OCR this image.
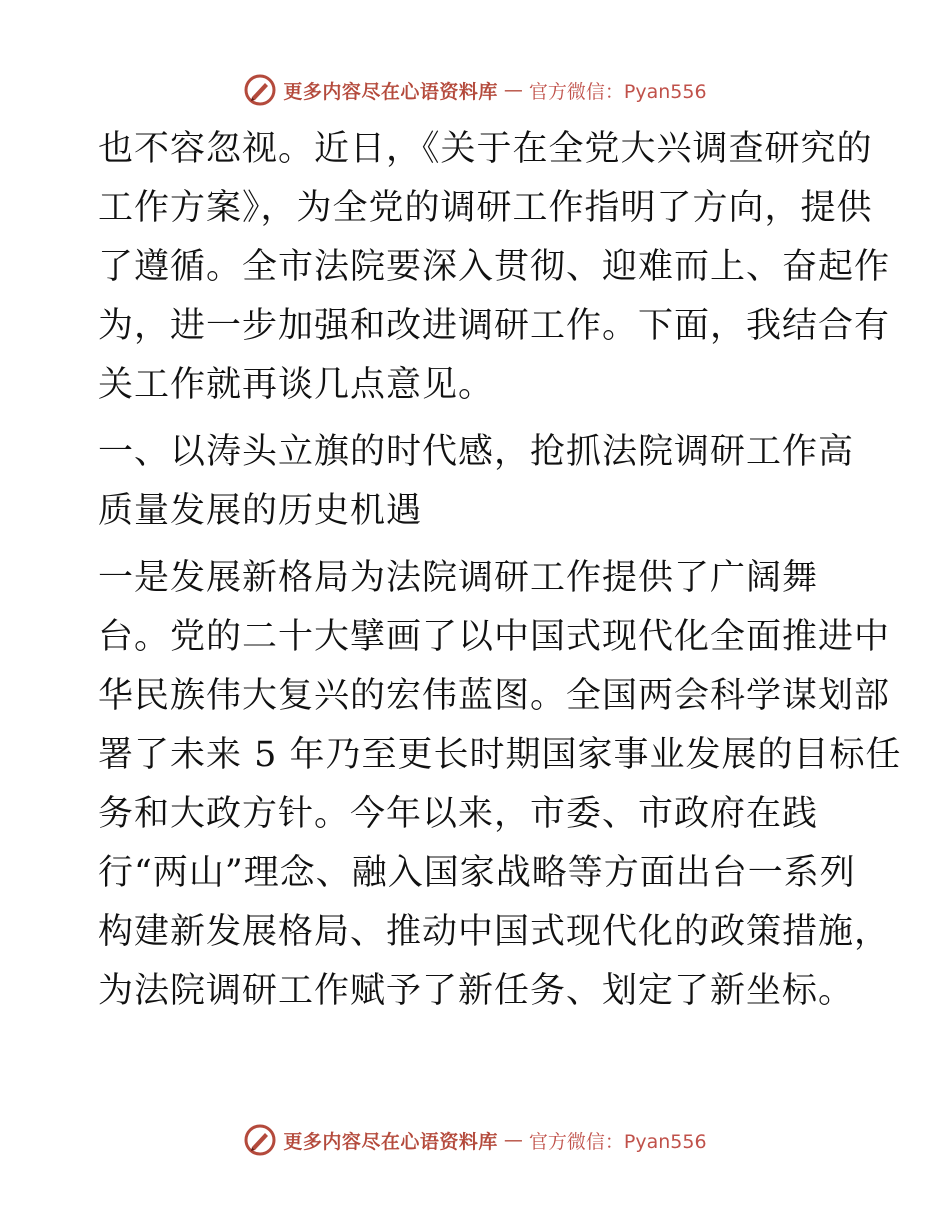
更多内容尽在心语资料库 — 官方微信：Pyan556

也不容忽视。近日，《关于在全党大兴调查研究的
工作方案》，为全党的调研工作指明了方向，提供
了遵循。全市法院要深入贯彻、迎难而上、奋起作
为，进一步加强和改进调研工作。下面，我结合有
关工作就再谈几点意见。

一、以涛头立旗的时代感，抢抓法院调研工作高
质量发展的历史机遇

一是发展新格局为法院调研工作提供了广阔舞
台。党的二十大擘画了以中国式现代化全面推进中
华民族伟大复兴的宏伟蓝图。全国两会科学谋划部
署了未来 5 年乃至更长时期国家事业发展的目标任
务和大政方针。今年以来，市委、市政府在践
行“两山”理念、融入国家战略等方面出台一系列
构建新发展格局、推动中国式现代化的政策措施，
为法院调研工作赋予了新任务、划定了新坐标。

更多内容尽在心语资料库 — 官方微信：Pyan556
